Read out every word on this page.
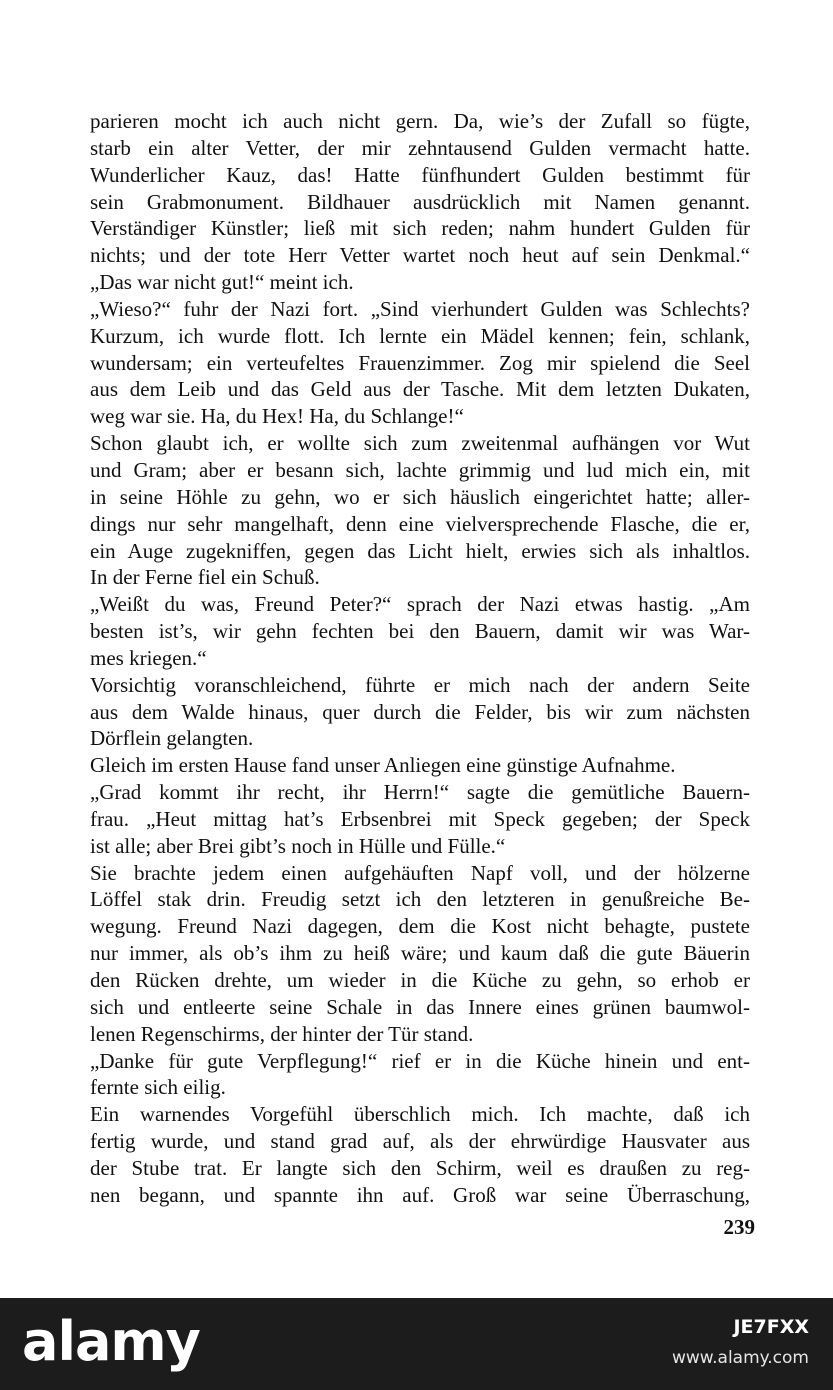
parieren mocht ich auch nicht gern. Da, wie’s der Zufall so fügte,
starb ein alter Vetter, der mir zehntausend Gulden vermacht hatte.
Wunderlicher Kauz, das! Hatte fünfhundert Gulden bestimmt für
sein Grabmonument. Bildhauer ausdrücklich mit Namen genannt.
Verständiger Künstler; ließ mit sich reden; nahm hundert Gulden für
nichts; und der tote Herr Vetter wartet noch heut auf sein Denkmal.“
„Das war nicht gut!“ meint ich.
„Wieso?“ fuhr der Nazi fort. „Sind vierhundert Gulden was Schlechts?
Kurzum, ich wurde flott. Ich lernte ein Mädel kennen; fein, schlank,
wundersam; ein verteufeltes Frauenzimmer. Zog mir spielend die Seel
aus dem Leib und das Geld aus der Tasche. Mit dem letzten Dukaten,
weg war sie. Ha, du Hex! Ha, du Schlange!“
Schon glaubt ich, er wollte sich zum zweitenmal aufhängen vor Wut
und Gram; aber er besann sich, lachte grimmig und lud mich ein, mit
in seine Höhle zu gehn, wo er sich häuslich eingerichtet hatte; aller-
dings nur sehr mangelhaft, denn eine vielversprechende Flasche, die er,
ein Auge zugekniffen, gegen das Licht hielt, erwies sich als inhaltlos.
In der Ferne fiel ein Schuß.
„Weißt du was, Freund Peter?“ sprach der Nazi etwas hastig. „Am
besten ist’s, wir gehn fechten bei den Bauern, damit wir was War-
mes kriegen.“
Vorsichtig voranschleichend, führte er mich nach der andern Seite
aus dem Walde hinaus, quer durch die Felder, bis wir zum nächsten
Dörflein gelangten.
Gleich im ersten Hause fand unser Anliegen eine günstige Aufnahme.
„Grad kommt ihr recht, ihr Herrn!“ sagte die gemütliche Bauern-
frau. „Heut mittag hat’s Erbsenbrei mit Speck gegeben; der Speck
ist alle; aber Brei gibt’s noch in Hülle und Fülle.“
Sie brachte jedem einen aufgehäuften Napf voll, und der hölzerne
Löffel stak drin. Freudig setzt ich den letzteren in genußreiche Be-
wegung. Freund Nazi dagegen, dem die Kost nicht behagte, pustete
nur immer, als ob’s ihm zu heiß wäre; und kaum daß die gute Bäuerin
den Rücken drehte, um wieder in die Küche zu gehn, so erhob er
sich und entleerte seine Schale in das Innere eines grünen baumwol-
lenen Regenschirms, der hinter der Tür stand.
„Danke für gute Verpflegung!“ rief er in die Küche hinein und ent-
fernte sich eilig.
Ein warnendes Vorgefühl überschlich mich. Ich machte, daß ich
fertig wurde, und stand grad auf, als der ehrwürdige Hausvater aus
der Stube trat. Er langte sich den Schirm, weil es draußen zu reg-
nen begann, und spannte ihn auf. Groß war seine Überraschung,
239
alamy	JE7FXX
www.alamy.com
